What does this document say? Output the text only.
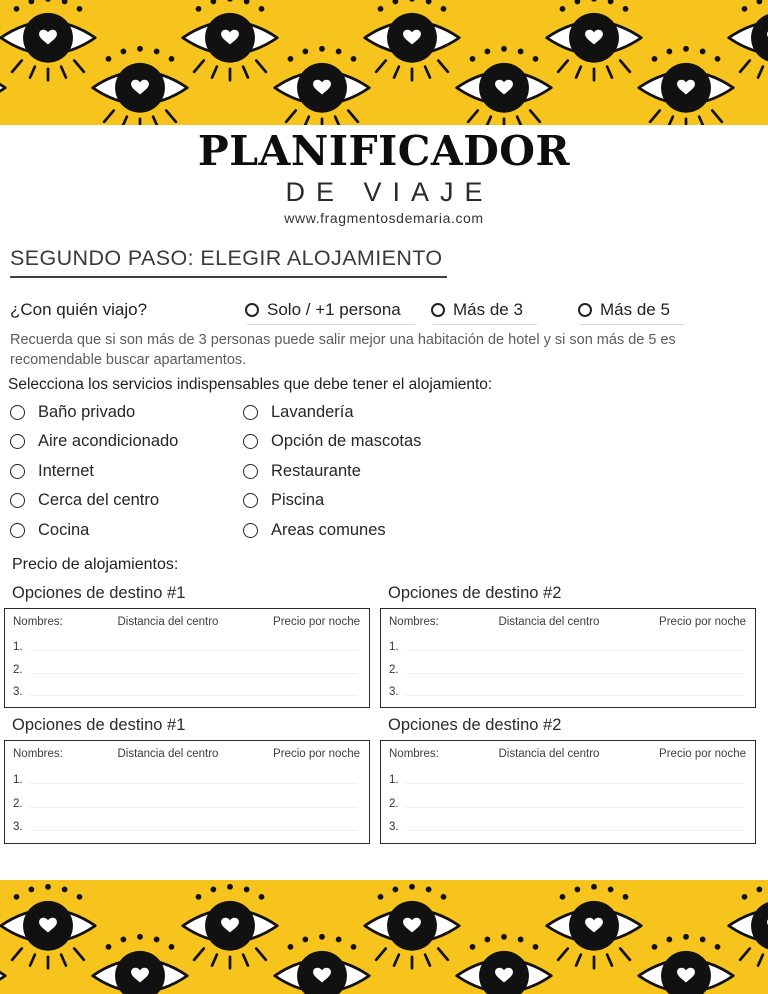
PLANIFICADOR
DE VIAJE
www.fragmentosdemaria.com
SEGUNDO PASO: ELEGIR ALOJAMIENTO
¿Con quién viajo?	Solo / +1 persona	Más de 3	Más de 5

Recuerda que si son más de 3 personas puede salir mejor una habitación de hotel y si son más de 5 es recomendable buscar apartamentos.

Selecciona los servicios indispensables que debe tener el alojamiento:

Baño privado
Aire acondicionado
Internet
Cerca del centro
Cocina
Lavandería
Opción de mascotas
Restaurante
Piscina
Areas comunes
Precio de alojamientos:
Opciones de destino #1
Nombres:	Distancia del centro	Precio por noche
1.
2.
3.
Opciones de destino #2
Nombres:	Distancia del centro	Precio por noche
1.
2.
3.
Opciones de destino #1
Nombres:	Distancia del centro	Precio por noche
1.
2.
3.
Opciones de destino #2
Nombres:	Distancia del centro	Precio por noche
1.
2.
3.
